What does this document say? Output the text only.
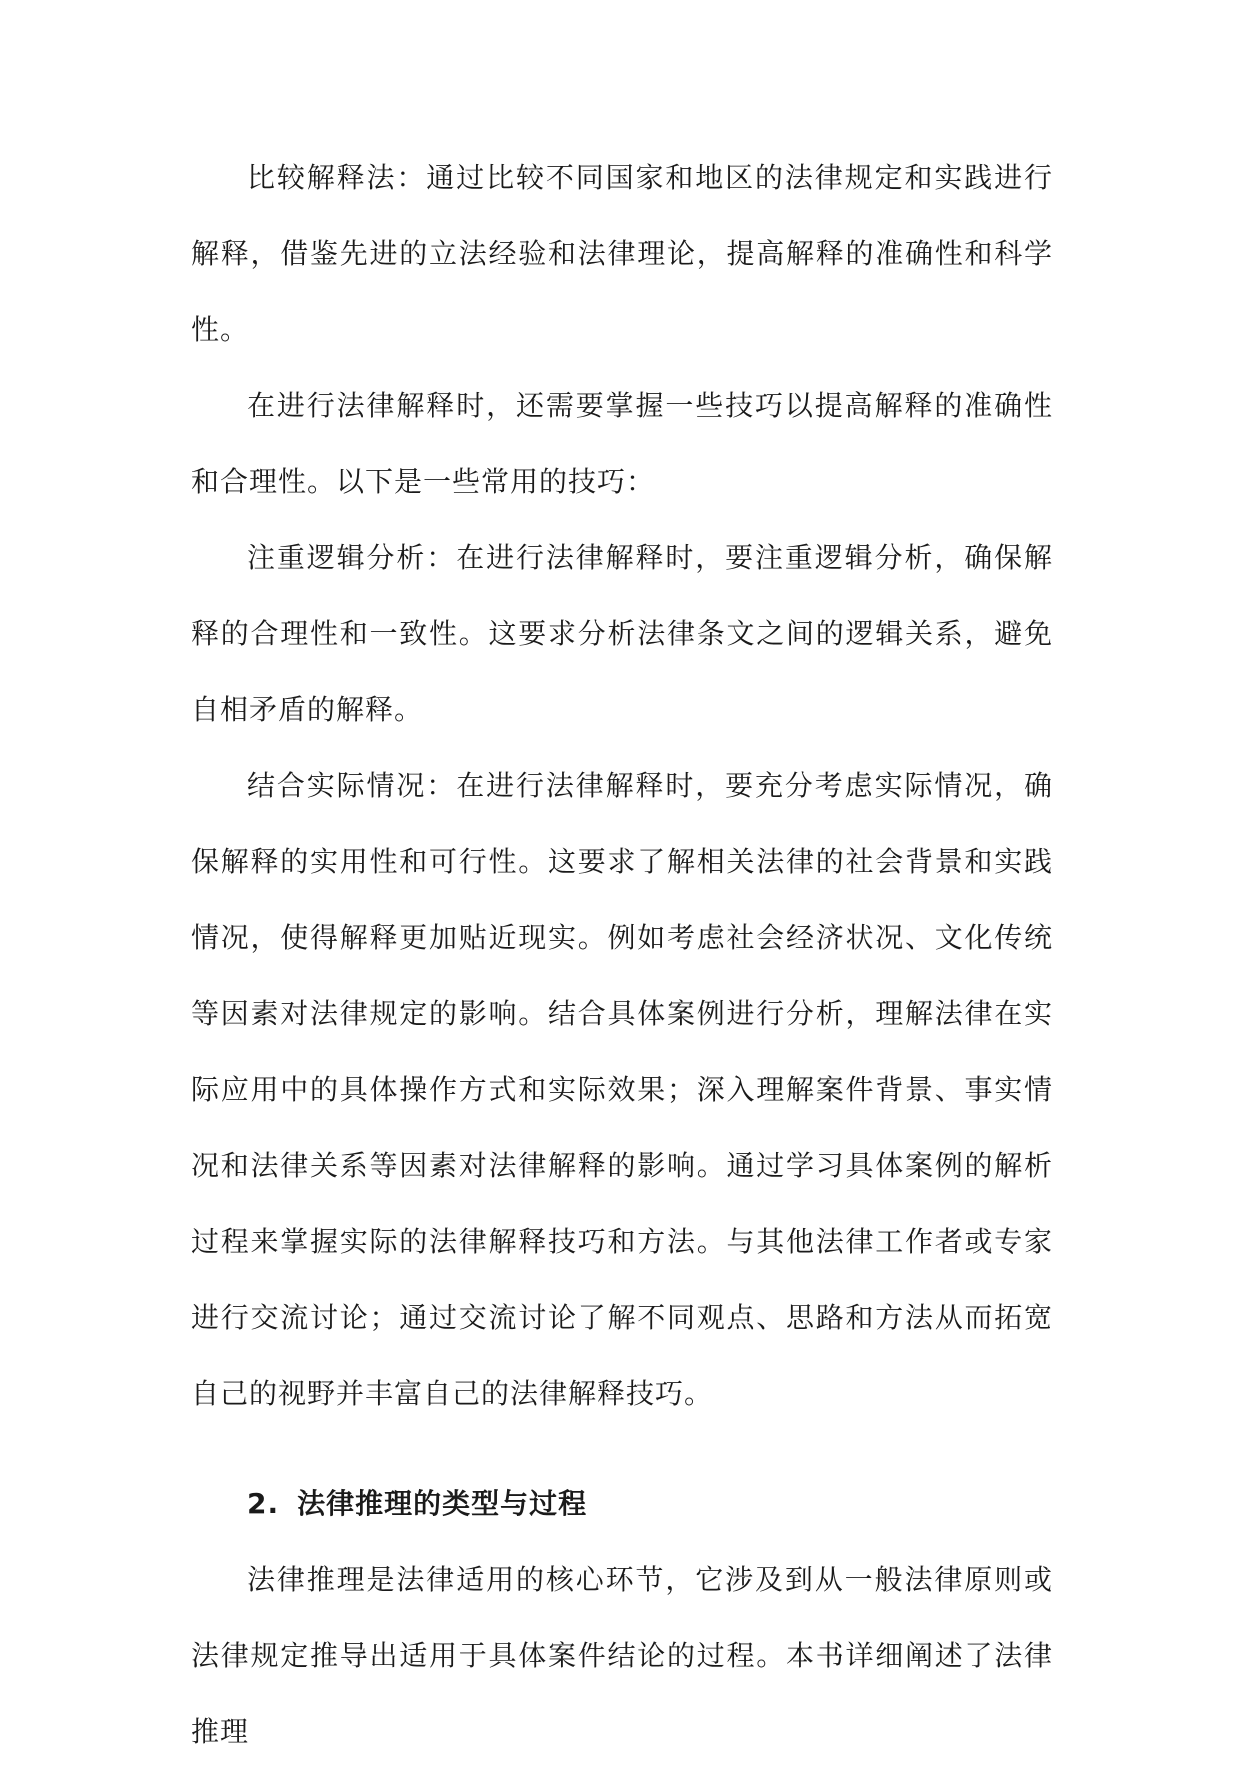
比较解释法：通过比较不同国家和地区的法律规定和实践进行解释，借鉴先进的立法经验和法律理论，提高解释的准确性和科学性。

在进行法律解释时，还需要掌握一些技巧以提高解释的准确性和合理性。以下是一些常用的技巧：

注重逻辑分析：在进行法律解释时，要注重逻辑分析，确保解释的合理性和一致性。这要求分析法律条文之间的逻辑关系，避免自相矛盾的解释。

结合实际情况：在进行法律解释时，要充分考虑实际情况，确保解释的实用性和可行性。这要求了解相关法律的社会背景和实践情况，使得解释更加贴近现实。例如考虑社会经济状况、文化传统等因素对法律规定的影响。结合具体案例进行分析，理解法律在实际应用中的具体操作方式和实际效果；深入理解案件背景、事实情况和法律关系等因素对法律解释的影响。通过学习具体案例的解析过程来掌握实际的法律解释技巧和方法。与其他法律工作者或专家进行交流讨论；通过交流讨论了解不同观点、思路和方法从而拓宽自己的视野并丰富自己的法律解释技巧。

2. 法律推理的类型与过程

法律推理是法律适用的核心环节，它涉及到从一般法律原则或法律规定推导出适用于具体案件结论的过程。本书详细阐述了法律推理
